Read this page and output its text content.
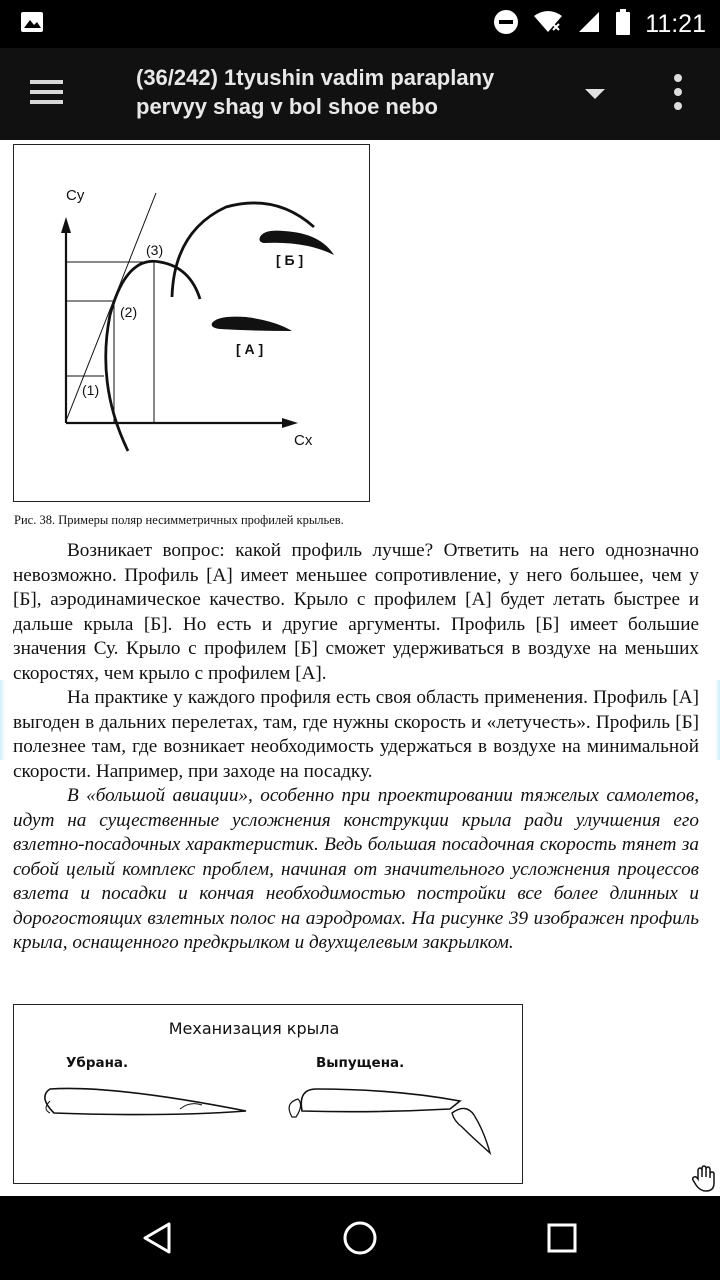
11:21
(36/242) 1tyushin vadim paraplany pervyy shag v bol shoe nebo
Cy
Cx
(3)
(2)
(1)
[ Б ]
[ А ]
Рис. 38. Примеры поляр несимметричных профилей крыльев.

Возникает вопрос: какой профиль лучше? Ответить на него однозначно невозможно. Профиль [А] имеет меньшее сопротивление, у него большее, чем у [Б], аэродинамическое качество. Крыло с профилем [А] будет летать быстрее и дальше крыла [Б]. Но есть и другие аргументы. Профиль [Б] имеет большие значения Су. Крыло с профилем [Б] сможет удерживаться в воздухе на меньших скоростях, чем крыло с профилем [А].

На практике у каждого профиля есть своя область применения. Профиль [А] выгоден в дальних перелетах, там, где нужны скорость и «летучесть». Профиль [Б] полезнее там, где возникает необходимость удержаться в воздухе на минимальной скорости. Например, при заходе на посадку.

В «большой авиации», особенно при проектировании тяжелых самолетов, идут на существенные усложнения конструкции крыла ради улучшения его взлетно-посадочных характеристик. Ведь большая посадочная скорость тянет за собой целый комплекс проблем, начиная от значительного усложнения процессов взлета и посадки и кончая необходимостью постройки все более длинных и дорогостоящих взлетных полос на аэродромах. На рисунке 39 изображен профиль крыла, оснащенного предкрылком и двухщелевым закрылком.

Механизация крыла
Убрана.	Выпущена.
